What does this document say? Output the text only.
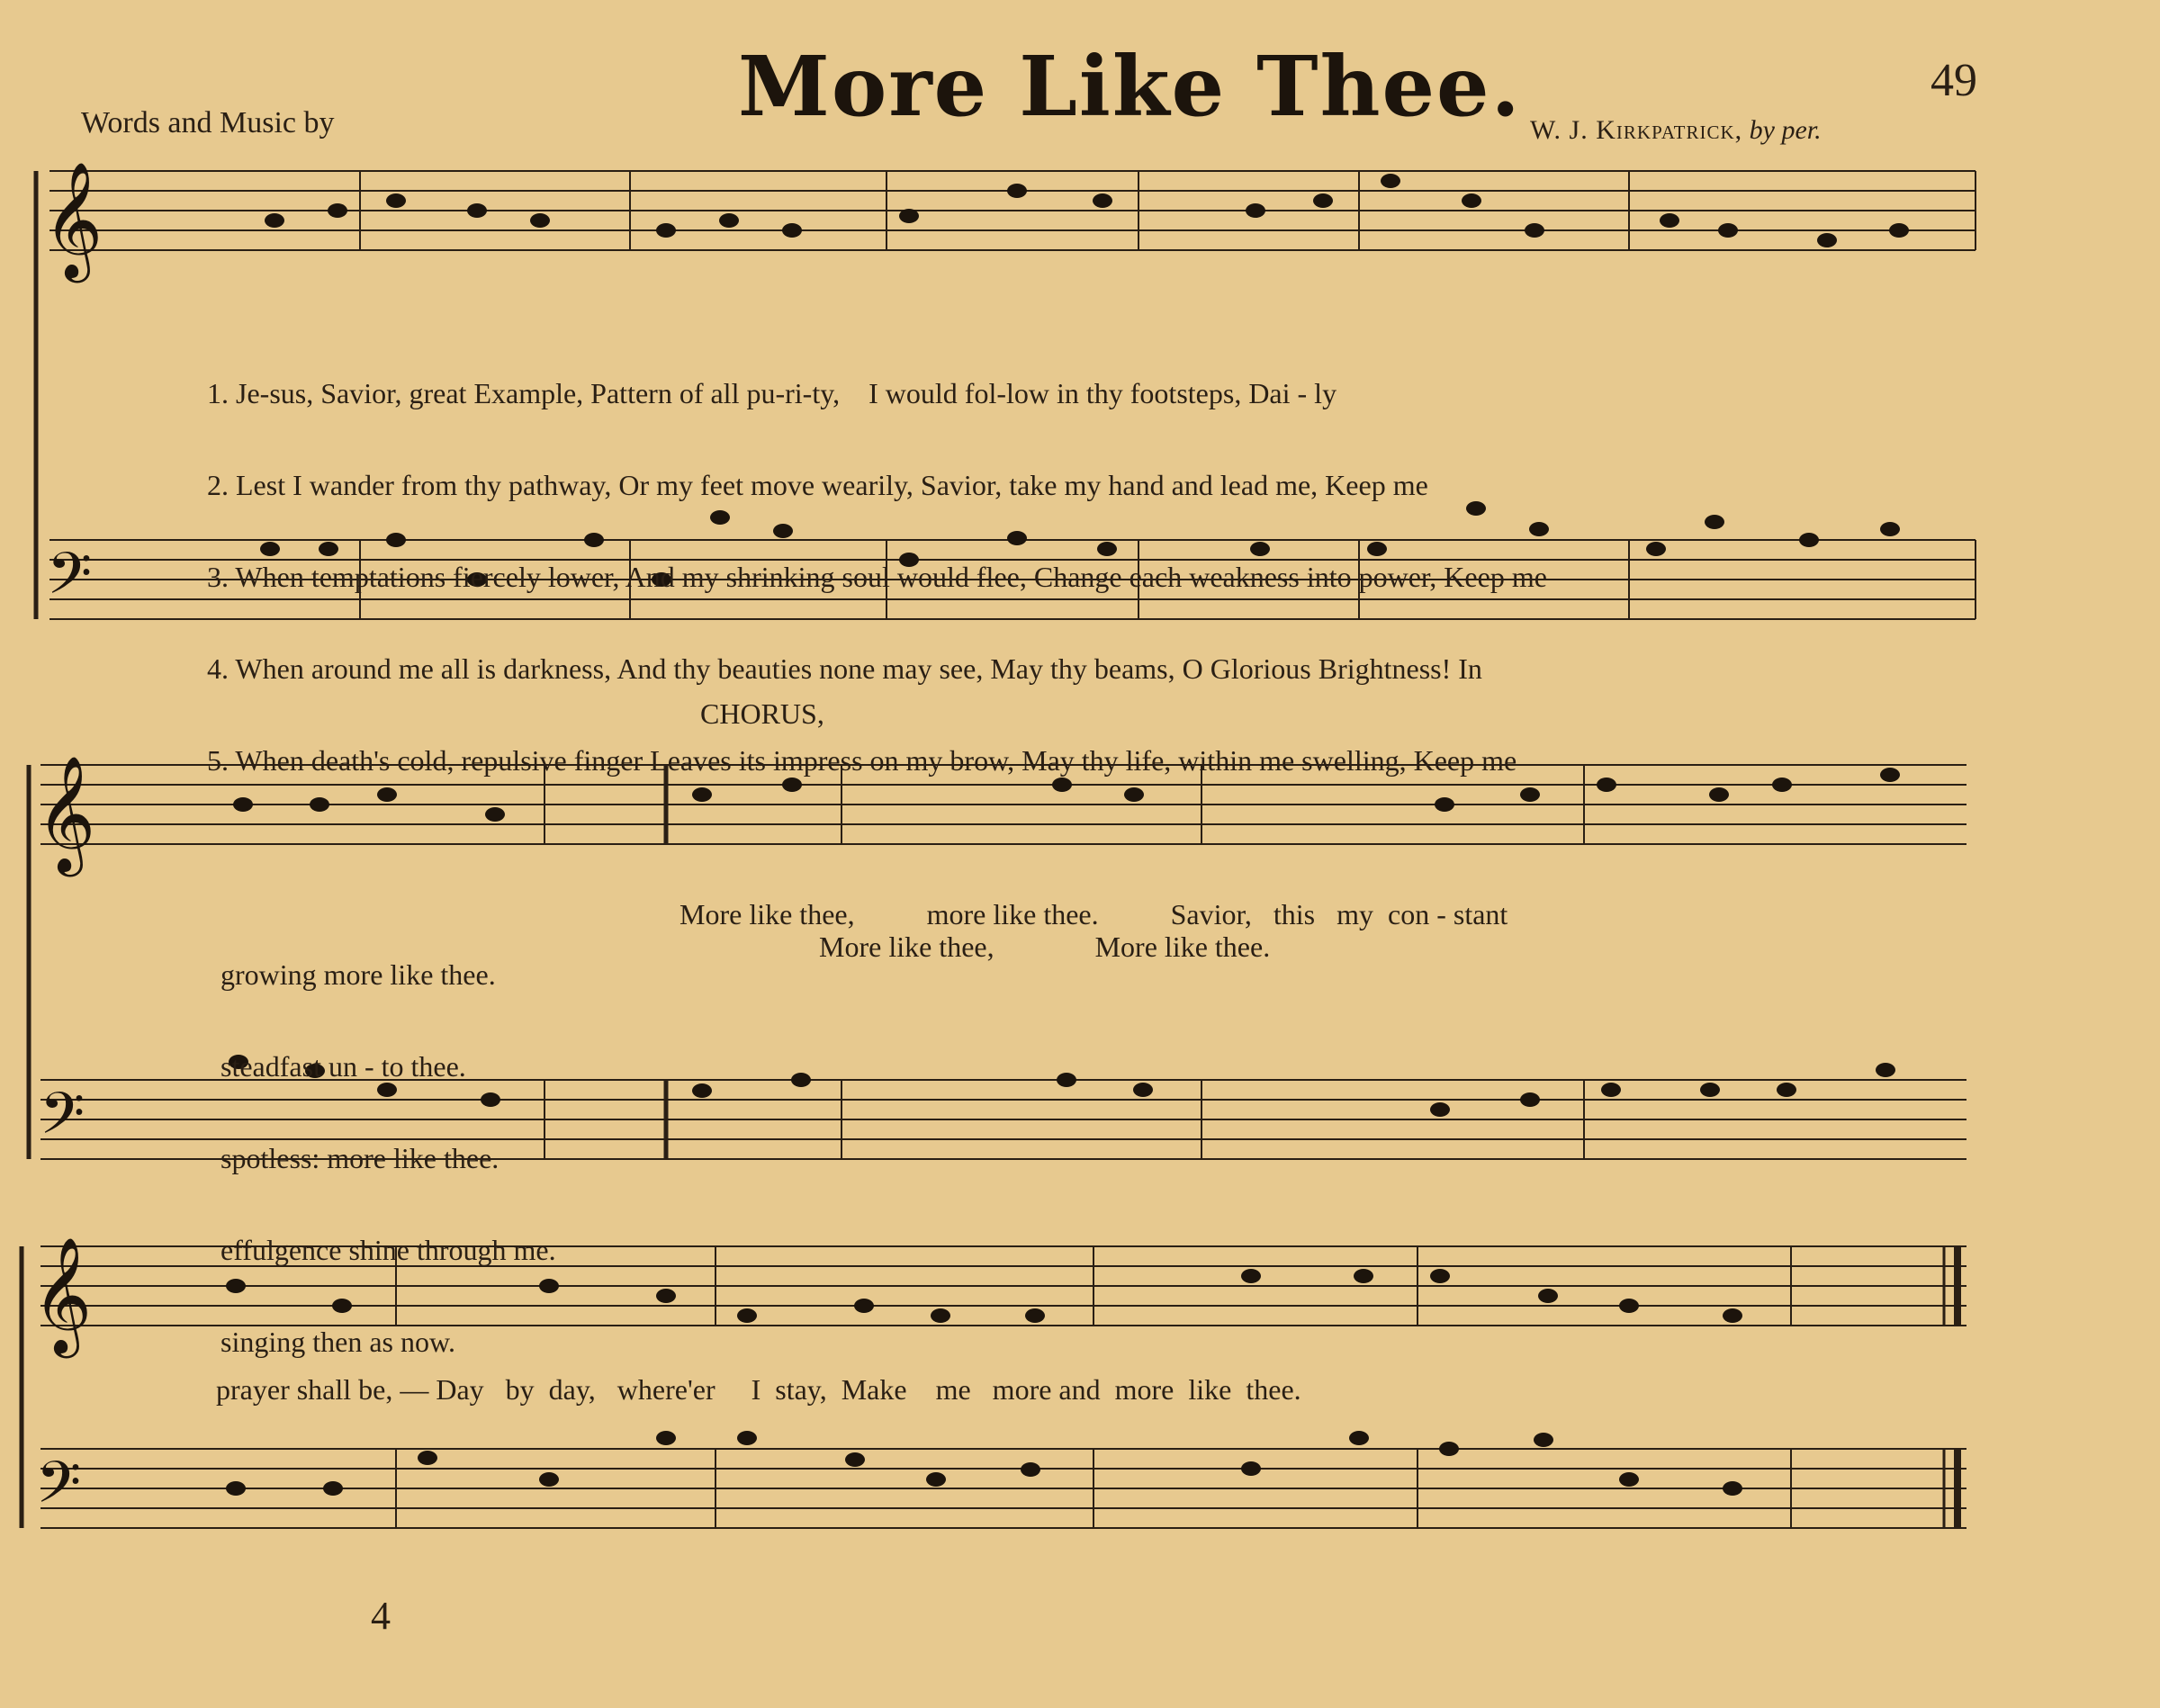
More Like Thee.	49
Words and Music by	W. J. Kirkpatrick, by per.
𝄞
𝄢
𝄞
𝄢
𝄞
𝄢

1. Je-sus, Savior, great Example, Pattern of all pu-ri-ty,    I would fol-low in thy footsteps, Dai - ly

2. Lest I wander from thy pathway, Or my feet move wearily, Savior, take my hand and lead me, Keep me

3. When temptations fiercely lower, And my shrinking soul would flee, Change each weakness into power, Keep me

4. When around me all is darkness, And thy beauties none may see, May thy beams, O Glorious Brightness! In

5. When death's cold, repulsive finger Leaves its impress on my brow, May thy life, within me swelling, Keep me

CHORUS,

growing more like thee.

steadfast un - to thee.

spotless: more like thee.

effulgence shine through me.

singing then as now.

More like thee,          more like thee.          Savior,   this   my  con - stant
More like thee,              More like thee.
prayer shall be, — Day   by  day,   where'er     I  stay,  Make    me   more and  more  like  thee.
4
